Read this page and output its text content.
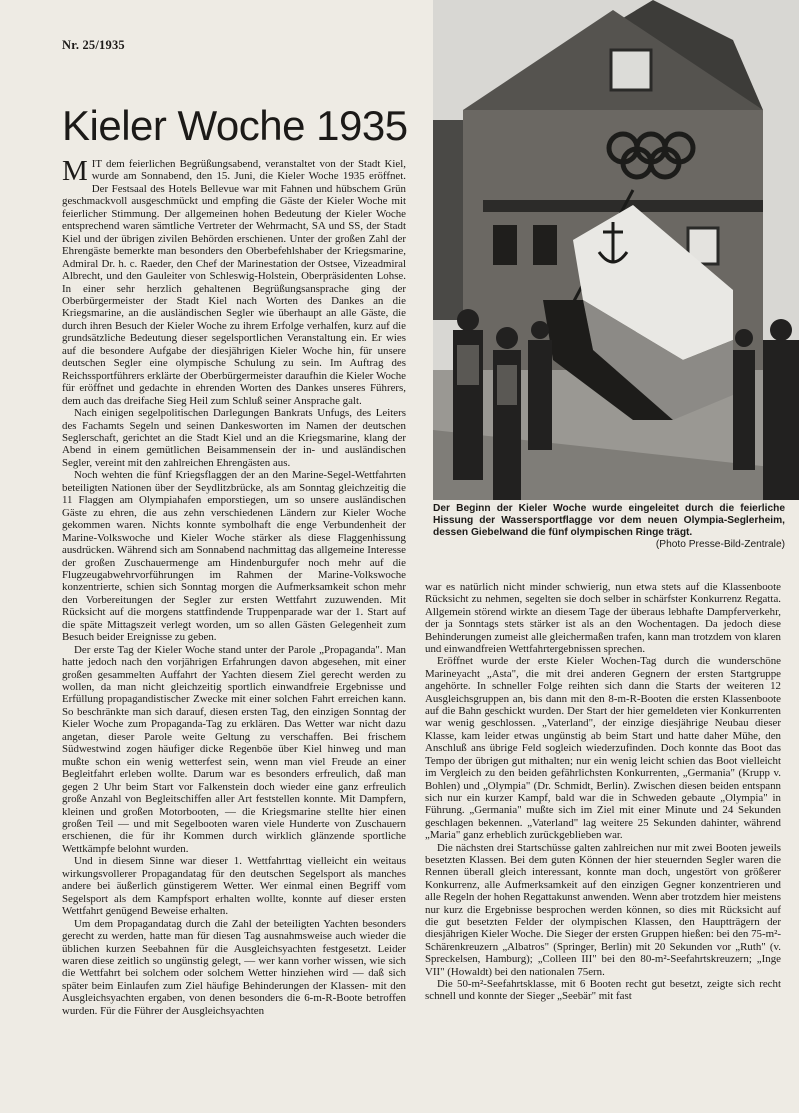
Nr. 25/1935
Kieler Woche 1935

MIT dem feierlichen Begrüßungsabend, veranstaltet von der Stadt Kiel, wurde am Sonnabend, den 15. Juni, die Kieler Woche 1935 eröffnet. Der Festsaal des Hotels Bellevue war mit Fahnen und hübschem Grün geschmackvoll ausgeschmückt und empfing die Gäste der Kieler Woche mit feierlicher Stimmung. Der allgemeinen hohen Bedeutung der Kieler Woche entsprechend waren sämtliche Vertreter der Wehrmacht, SA und SS, der Stadt Kiel und der übrigen zivilen Behörden erschienen. Unter der großen Zahl der Ehrengäste bemerkte man besonders den Oberbefehlshaber der Kriegsmarine, Admiral Dr. h. c. Raeder, den Chef der Marinestation der Ostsee, Vizeadmiral Albrecht, und den Gauleiter von Schleswig-Holstein, Oberpräsidenten Lohse. In einer sehr herzlich gehaltenen Begrüßungsansprache ging der Oberbürgermeister der Stadt Kiel nach Worten des Dankes an die Kriegsmarine, an die ausländischen Segler wie überhaupt an alle Gäste, die durch ihren Besuch der Kieler Woche zu ihrem Erfolge verhalfen, kurz auf die grundsätzliche Bedeutung dieser segelsportlichen Veranstaltung ein. Er wies auf die besondere Aufgabe der diesjährigen Kieler Woche hin, für unsere deutschen Segler eine olympische Schulung zu sein. Im Auftrag des Reichssportführers erklärte der Oberbürgermeister daraufhin die Kieler Woche für eröffnet und gedachte in ehrenden Worten des Dankes unseres Führers, dem auch das dreifache Sieg Heil zum Schluß seiner Ansprache galt.

Nach einigen segelpolitischen Darlegungen Bankrats Unfugs, des Leiters des Fachamts Segeln und seinen Dankesworten im Namen der deutschen Seglerschaft, gerichtet an die Stadt Kiel und an die Kriegsmarine, klang der Abend in einem gemütlichen Beisammensein der in- und ausländischen Segler, vereint mit den zahlreichen Ehrengästen aus.

Noch wehten die fünf Kriegsflaggen der an den Marine-Segel-Wettfahrten beteiligten Nationen über der Seydlitzbrücke, als am Sonntag gleichzeitig die 11 Flaggen am Olympiahafen emporstiegen, um so unsere ausländischen Gäste zu ehren, die aus zehn verschiedenen Ländern zur Kieler Woche gekommen waren. Nichts konnte symbolhaft die enge Verbundenheit der Marine-Volkswoche und Kieler Woche stärker als diese Flaggenhissung ausdrücken. Während sich am Sonnabend nachmittag das allgemeine Interesse der großen Zuschauermenge am Hindenburgufer noch mehr auf die Flugzeugabwehrvorführungen im Rahmen der Marine-Volkswoche konzentrierte, schien sich Sonntag morgen die Aufmerksamkeit schon mehr den Vorbereitungen der Segler zur ersten Wettfahrt zuzuwenden. Mit Rücksicht auf die morgens stattfindende Truppenparade war der 1. Start auf die späte Mittagszeit verlegt worden, um so allen Gästen Gelegenheit zum Besuch beider Ereignisse zu geben.

Der erste Tag der Kieler Woche stand unter der Parole „Propaganda". Man hatte jedoch nach den vorjährigen Erfahrungen davon abgesehen, mit einer großen gesammelten Auffahrt der Yachten diesem Ziel gerecht werden zu wollen, da man nicht gleichzeitig sportlich einwandfreie Ergebnisse und Erfüllung propagandistischer Zwecke mit einer solchen Fahrt erreichen kann. So beschränkte man sich darauf, diesen ersten Tag, den einzigen Sonntag der Kieler Woche zum Propaganda-Tag zu erklären. Das Wetter war nicht dazu angetan, dieser Parole weite Geltung zu verschaffen. Bei frischem Südwestwind zogen häufiger dicke Regenböe über Kiel hinweg und man mußte schon ein wenig wetterfest sein, wenn man viel Freude an einer Begleitfahrt erleben wollte. Darum war es besonders erfreulich, daß man gegen 2 Uhr beim Start vor Falkenstein doch wieder eine ganz erfreulich große Anzahl von Begleitschiffen aller Art feststellen konnte. Mit Dampfern, kleinen und großen Motorbooten, — die Kriegsmarine stellte hier einen großen Teil — und mit Segelbooten waren viele Hunderte von Zuschauern erschienen, die für ihr Kommen durch wirklich glänzende sportliche Wettkämpfe belohnt wurden.

Und in diesem Sinne war dieser 1. Wettfahrttag vielleicht ein weitaus wirkungsvollerer Propagandatag für den deutschen Segelsport als manches andere bei äußerlich günstigerem Wetter. Wer einmal einen Begriff vom Segelsport als dem Kampfsport erhalten wollte, konnte auf dieser ersten Wettfahrt genügend Beweise erhalten.

Um dem Propagandatag durch die Zahl der beteiligten Yachten besonders gerecht zu werden, hatte man für diesen Tag ausnahmsweise auch wieder die üblichen kurzen Seebahnen für die Ausgleichsyachten festgesetzt. Leider waren diese zeitlich so ungünstig gelegt, — wer kann vorher wissen, wie sich die Wettfahrt bei solchem oder solchem Wetter hinziehen wird — daß sich später beim Einlaufen zum Ziel häufige Behinderungen der Klassen- mit den Ausgleichsyachten ergaben, von denen besonders die 6-m-R-Boote betroffen wurden. Für die Führer der Ausgleichsyachten

Der Beginn der Kieler Woche wurde eingeleitet durch die feierliche Hissung der Wassersportflagge vor dem neuen Olympia-Seglerheim, dessen Giebelwand die fünf olympischen Ringe trägt.
(Photo Presse-Bild-Zentrale)

war es natürlich nicht minder schwierig, nun etwa stets auf die Klassenboote Rücksicht zu nehmen, segelten sie doch selber in schärfster Konkurrenz Regatta. Allgemein störend wirkte an diesem Tage der überaus lebhafte Dampferverkehr, der ja Sonntags stets stärker ist als an den Wochentagen. Da jedoch diese Behinderungen zumeist alle gleichermaßen trafen, kann man trotzdem von klaren und einwandfreien Wettfahrtergebnissen sprechen.

Eröffnet wurde der erste Kieler Wochen-Tag durch die wunderschöne Marineyacht „Asta", die mit drei anderen Gegnern der ersten Startgruppe angehörte. In schneller Folge reihten sich dann die Starts der weiteren 12 Ausgleichsgruppen an, bis dann mit den 8-m-R-Booten die ersten Klassenboote auf die Bahn geschickt wurden. Der Start der hier gemeldeten vier Konkurrenten war wenig geschlossen. „Vaterland", der einzige diesjährige Neubau dieser Klasse, kam leider etwas ungünstig ab beim Start und hatte daher Mühe, den Anschluß ans übrige Feld sogleich wiederzufinden. Doch konnte das Boot das Tempo der übrigen gut mithalten; nur ein wenig leicht schien das Boot vielleicht im Vergleich zu den beiden gefährlichsten Konkurrenten, „Germania" (Krupp v. Bohlen) und „Olympia" (Dr. Schmidt, Berlin). Zwischen diesen beiden entspann sich nur ein kurzer Kampf, bald war die in Schweden gebaute „Olympia" in Führung. „Germania" mußte sich im Ziel mit einer Minute und 24 Sekunden geschlagen bekennen. „Vaterland" lag weitere 25 Sekunden dahinter, während „Maria" ganz erheblich zurückgeblieben war.

Die nächsten drei Startschüsse galten zahlreichen nur mit zwei Booten jeweils besetzten Klassen. Bei dem guten Können der hier steuernden Segler waren die Rennen überall gleich interessant, konnte man doch, ungestört von größerer Konkurrenz, alle Aufmerksamkeit auf den einzigen Gegner konzentrieren und alle Regeln der hohen Regattakunst anwenden. Wenn aber trotzdem hier meistens nur kurz die Ergebnisse besprochen werden können, so dies mit Rücksicht auf die gut besetzten Felder der olympischen Klassen, den Hauptträgern der diesjährigen Kieler Woche. Die Sieger der ersten Gruppen hießen: bei den 75-m²-Schärenkreuzern „Albatros" (Springer, Berlin) mit 20 Sekunden vor „Ruth" (v. Spreckelsen, Hamburg); „Colleen III" bei den 80-m²-Seefahrtskreuzern; „Inge VII" (Howaldt) bei den nationalen 75ern.

Die 50-m²-Seefahrtsklasse, mit 6 Booten recht gut besetzt, zeigte sich recht schnell und konnte der Sieger „Seebär" mit fast
